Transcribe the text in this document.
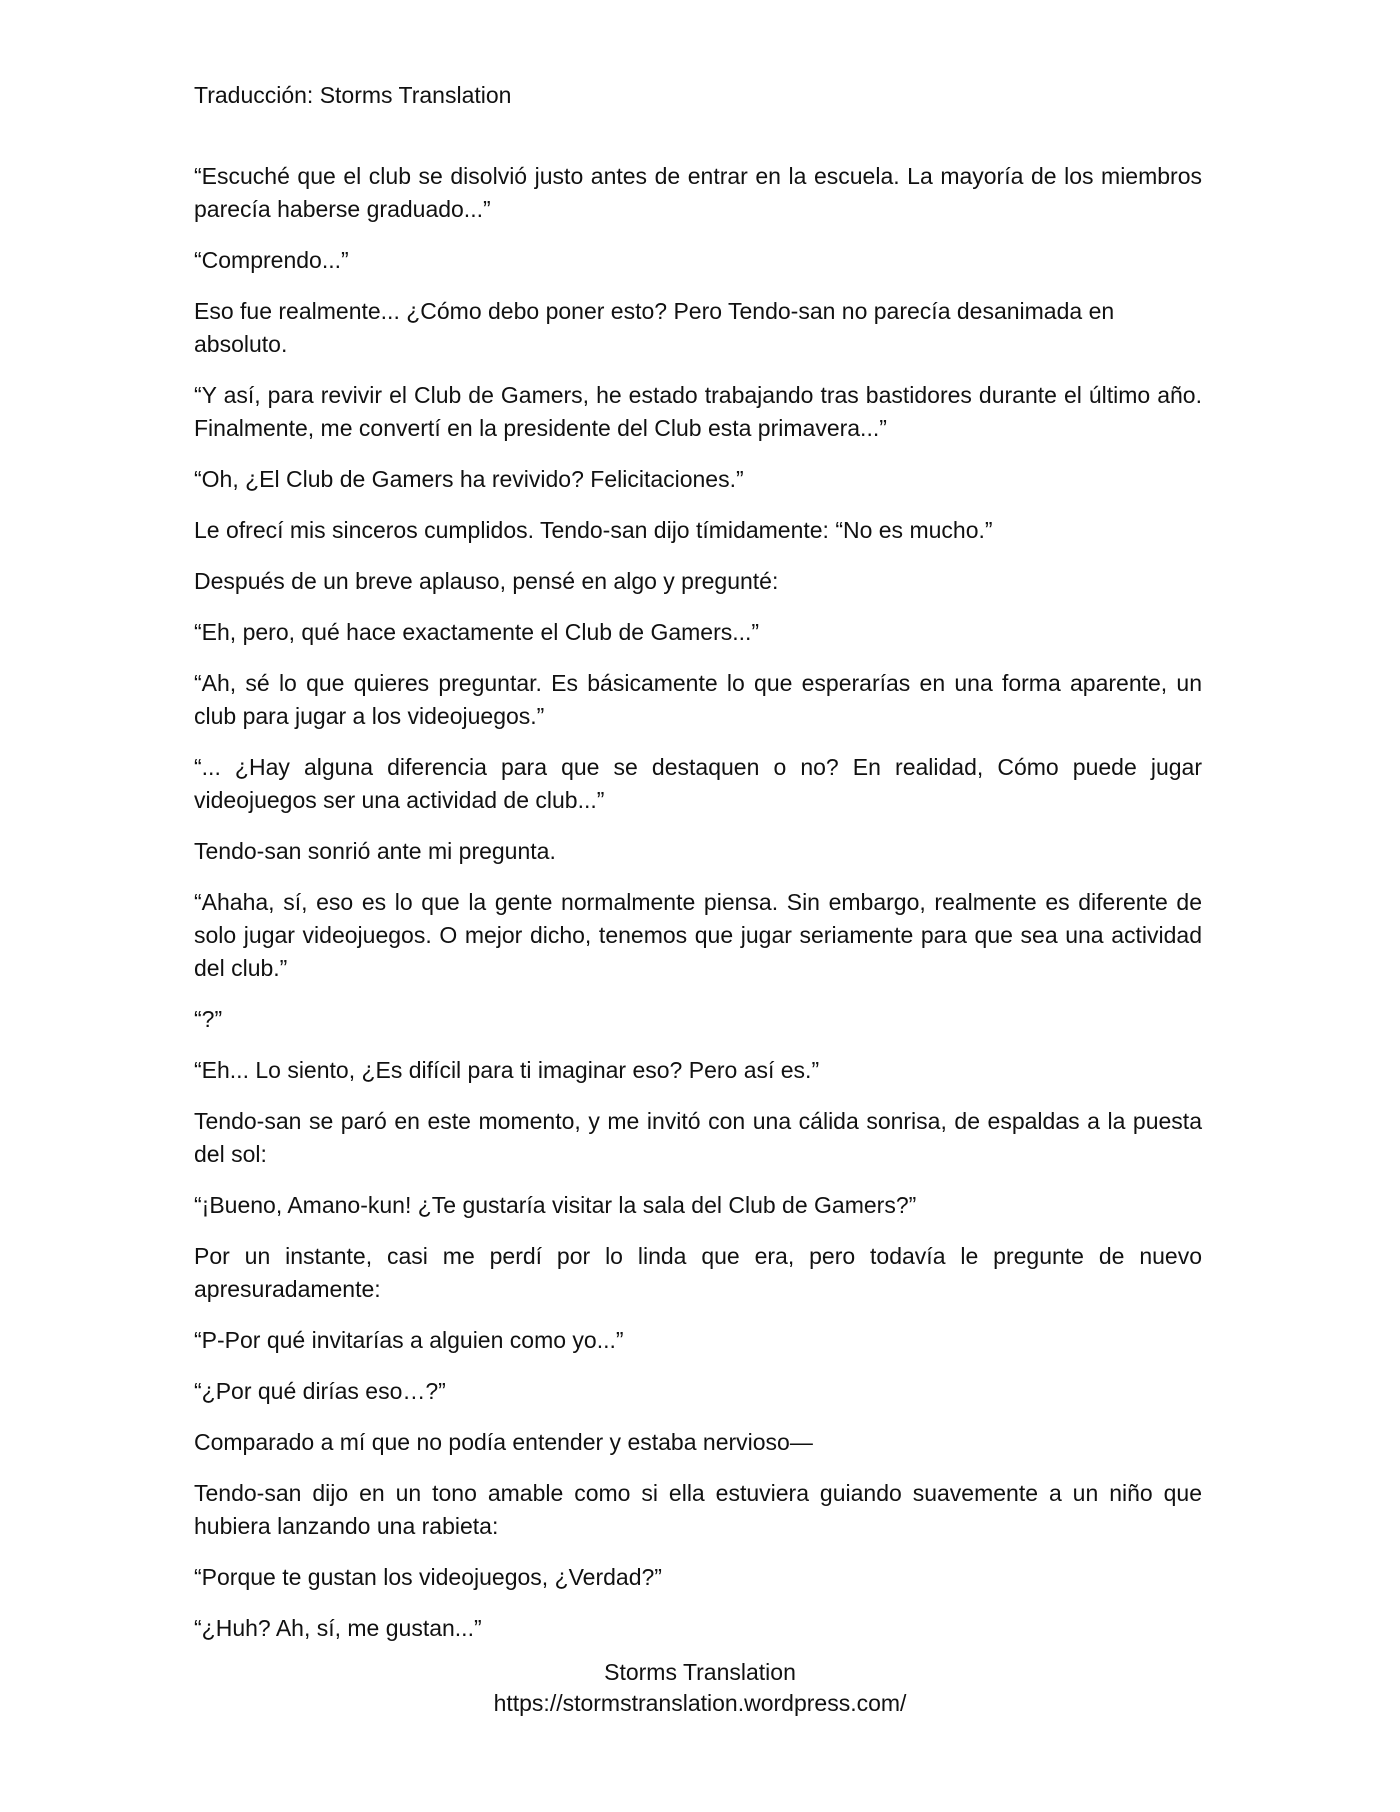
Traducción: Storms Translation

“Escuché que el club se disolvió justo antes de entrar en la escuela. La mayoría de los miembros parecía haberse graduado...”

“Comprendo...”

Eso fue realmente... ¿Cómo debo poner esto? Pero Tendo-san no parecía desanimada en absoluto.

“Y así, para revivir el Club de Gamers, he estado trabajando tras bastidores durante el último año. Finalmente, me convertí en la presidente del Club esta primavera...”

“Oh, ¿El Club de Gamers ha revivido? Felicitaciones.”

Le ofrecí mis sinceros cumplidos. Tendo-san dijo tímidamente: “No es mucho.”

Después de un breve aplauso, pensé en algo y pregunté:

“Eh, pero, qué hace exactamente el Club de Gamers...”

“Ah, sé lo que quieres preguntar. Es básicamente lo que esperarías en una forma aparente, un club para jugar a los videojuegos.”

“... ¿Hay alguna diferencia para que se destaquen o no? En realidad, Cómo puede jugar videojuegos ser una actividad de club...”

Tendo-san sonrió ante mi pregunta.

“Ahaha, sí, eso es lo que la gente normalmente piensa. Sin embargo, realmente es diferente de solo jugar videojuegos. O mejor dicho, tenemos que jugar seriamente para que sea una actividad del club.”

“?”

“Eh... Lo siento, ¿Es difícil para ti imaginar eso? Pero así es.”

Tendo-san se paró en este momento, y me invitó con una cálida sonrisa, de espaldas a la puesta del sol:

“¡Bueno, Amano-kun! ¿Te gustaría visitar la sala del Club de Gamers?”

Por un instante, casi me perdí por lo linda que era, pero todavía le pregunte de nuevo apresuradamente:

“P-Por qué invitarías a alguien como yo...”

“¿Por qué dirías eso…?”

Comparado a mí que no podía entender y estaba nervioso—

Tendo-san dijo en un tono amable como si ella estuviera guiando suavemente a un niño que hubiera lanzando una rabieta:

“Porque te gustan los videojuegos, ¿Verdad?”

“¿Huh? Ah, sí, me gustan...”

Storms Translation
https://stormstranslation.wordpress.com/
